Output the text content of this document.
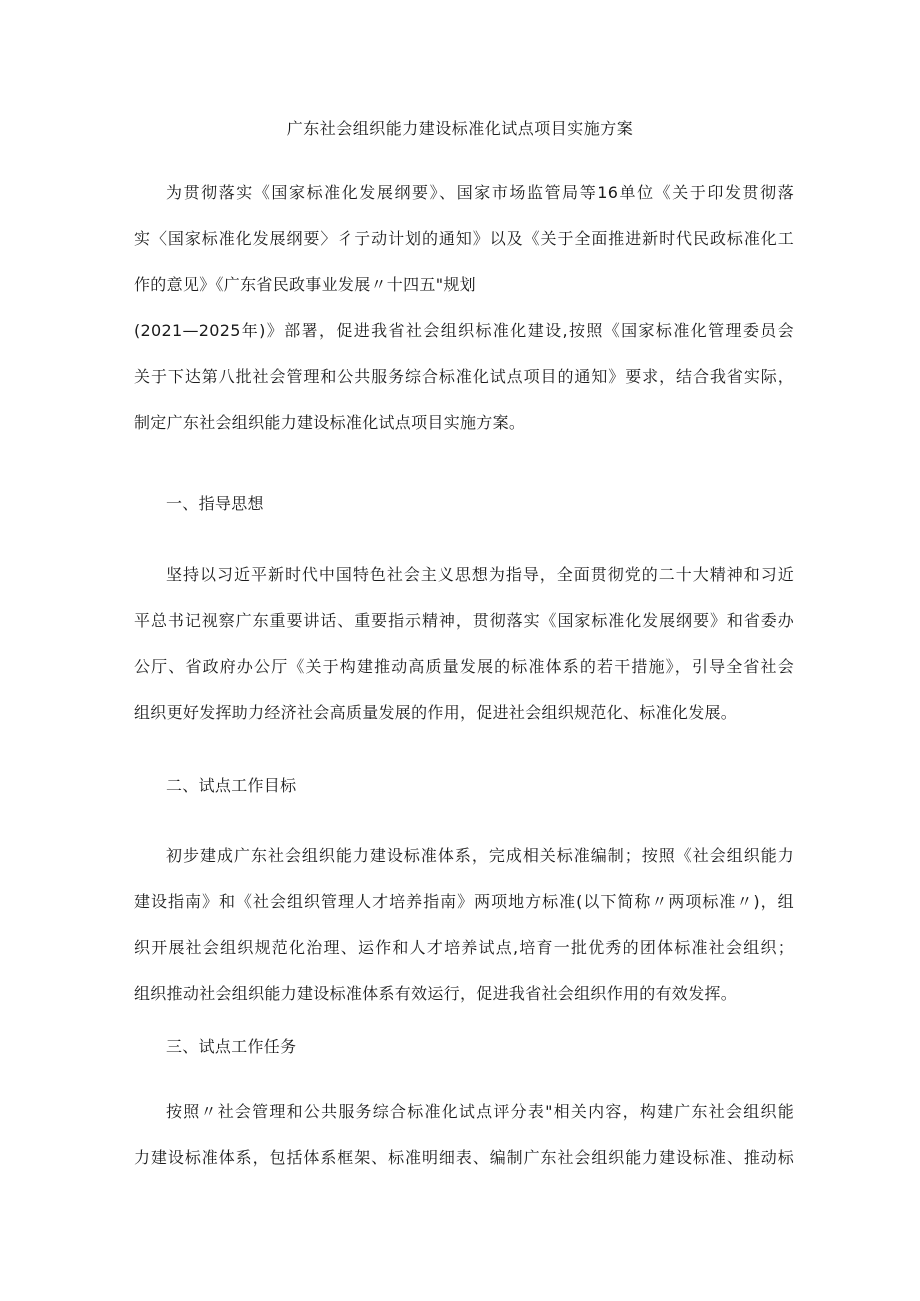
广东社会组织能力建设标准化试点项目实施方案
为贯彻落实《国家标准化发展纲要》、国家市场监管局等16单位《关于印发贯彻落
实〈国家标准化发展纲要〉彳亍动计划的通知》以及《关于全面推进新时代民政标准化工
作的意见》《广东省民政事业发展〃十四五"规划
(2021—2025年)》部署，促进我省社会组织标准化建设,按照《国家标准化管理委员会
关于下达第八批社会管理和公共服务综合标准化试点项目的通知》要求，结合我省实际，
制定广东社会组织能力建设标准化试点项目实施方案。
一、指导思想
坚持以习近平新时代中国特色社会主义思想为指导，全面贯彻党的二十大精神和习近
平总书记视察广东重要讲话、重要指示精神，贯彻落实《国家标准化发展纲要》和省委办
公厅、省政府办公厅《关于构建推动高质量发展的标准体系的若干措施》，引导全省社会
组织更好发挥助力经济社会高质量发展的作用，促进社会组织规范化、标准化发展。
二、试点工作目标
初步建成广东社会组织能力建设标准体系，完成相关标准编制；按照《社会组织能力
建设指南》和《社会组织管理人才培养指南》两项地方标准(以下简称〃两项标准〃)，组
织开展社会组织规范化治理、运作和人才培养试点,培育一批优秀的团体标准社会组织；
组织推动社会组织能力建设标准体系有效运行，促进我省社会组织作用的有效发挥。
三、试点工作任务
按照〃社会管理和公共服务综合标准化试点评分表"相关内容，构建广东社会组织能
力建设标准体系，包括体系框架、标准明细表、编制广东社会组织能力建设标准、推动标
